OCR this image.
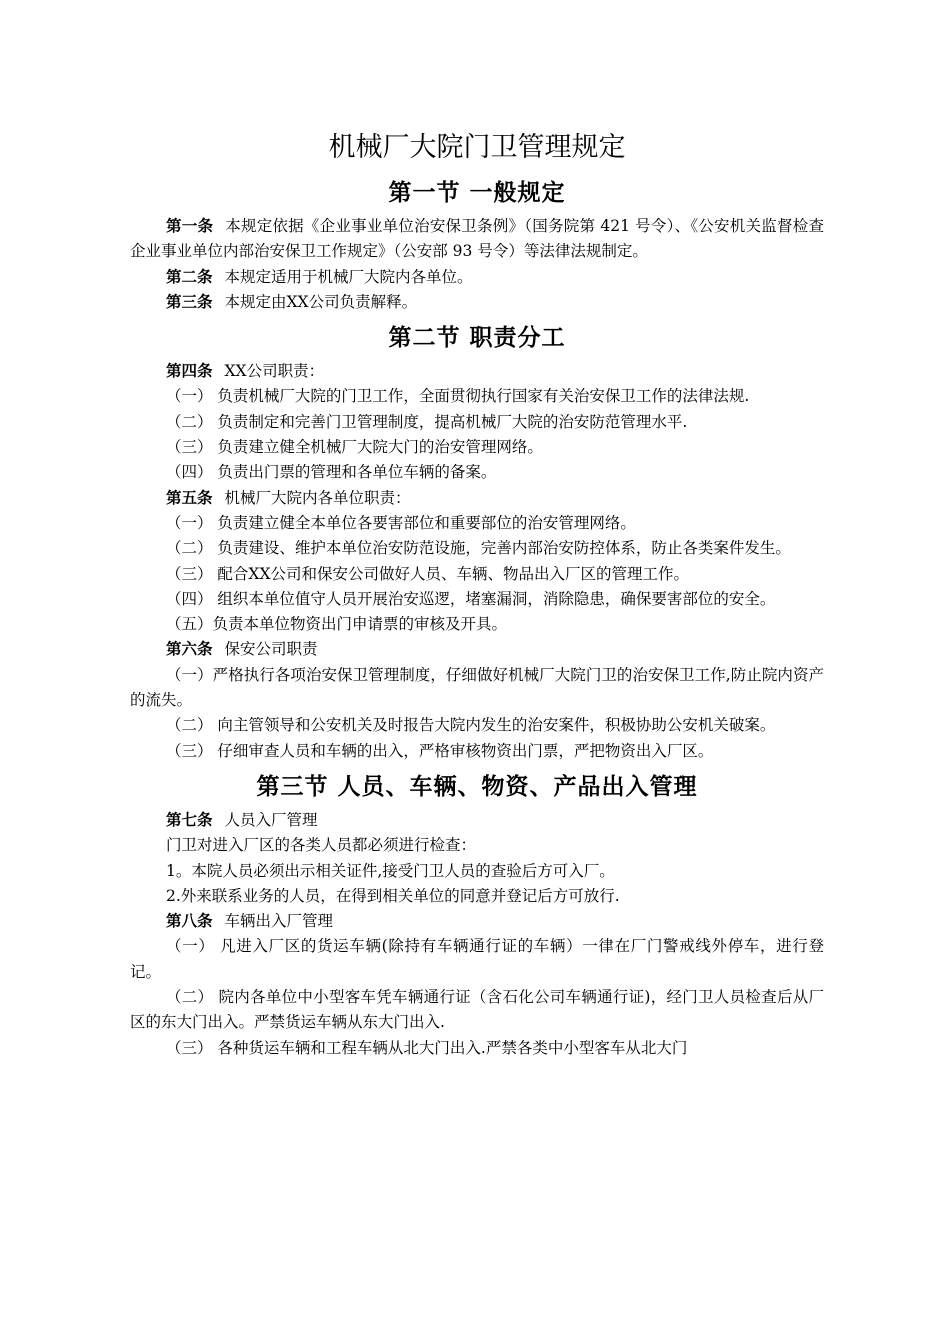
机械厂大院门卫管理规定
第一节 一般规定

第一条 本规定依据《企业事业单位治安保卫条例》（国务院第 421 号令）、《公安机关监督检查企业事业单位内部治安保卫工作规定》（公安部 93 号令）等法律法规制定。

第二条 本规定适用于机械厂大院内各单位。

第三条 本规定由XX公司负责解释。

第二节 职责分工

第四条 XX公司职责：

（一） 负责机械厂大院的门卫工作，全面贯彻执行国家有关治安保卫工作的法律法规.

（二） 负责制定和完善门卫管理制度，提高机械厂大院的治安防范管理水平.

（三） 负责建立健全机械厂大院大门的治安管理网络。

（四） 负责出门票的管理和各单位车辆的备案。

第五条 机械厂大院内各单位职责：

（一） 负责建立健全本单位各要害部位和重要部位的治安管理网络。

（二） 负责建设、维护本单位治安防范设施，完善内部治安防控体系，防止各类案件发生。

（三） 配合XX公司和保安公司做好人员、车辆、物品出入厂区的管理工作。

（四） 组织本单位值守人员开展治安巡逻，堵塞漏洞，消除隐患，确保要害部位的安全。

（五）负责本单位物资出门申请票的审核及开具。

第六条 保安公司职责

（一）严格执行各项治安保卫管理制度，仔细做好机械厂大院门卫的治安保卫工作,防止院内资产的流失。

（二） 向主管领导和公安机关及时报告大院内发生的治安案件，积极协助公安机关破案。

（三） 仔细审查人员和车辆的出入，严格审核物资出门票，严把物资出入厂区。

第三节 人员、车辆、物资、产品出入管理

第七条 人员入厂管理

门卫对进入厂区的各类人员都必须进行检查：

1。本院人员必须出示相关证件,接受门卫人员的查验后方可入厂。

2.外来联系业务的人员，在得到相关单位的同意并登记后方可放行.

第八条 车辆出入厂管理

（一） 凡进入厂区的货运车辆(除持有车辆通行证的车辆）一律在厂门警戒线外停车，进行登记。

（二） 院内各单位中小型客车凭车辆通行证（含石化公司车辆通行证)，经门卫人员检查后从厂区的东大门出入。严禁货运车辆从东大门出入.

（三） 各种货运车辆和工程车辆从北大门出入.严禁各类中小型客车从北大门
